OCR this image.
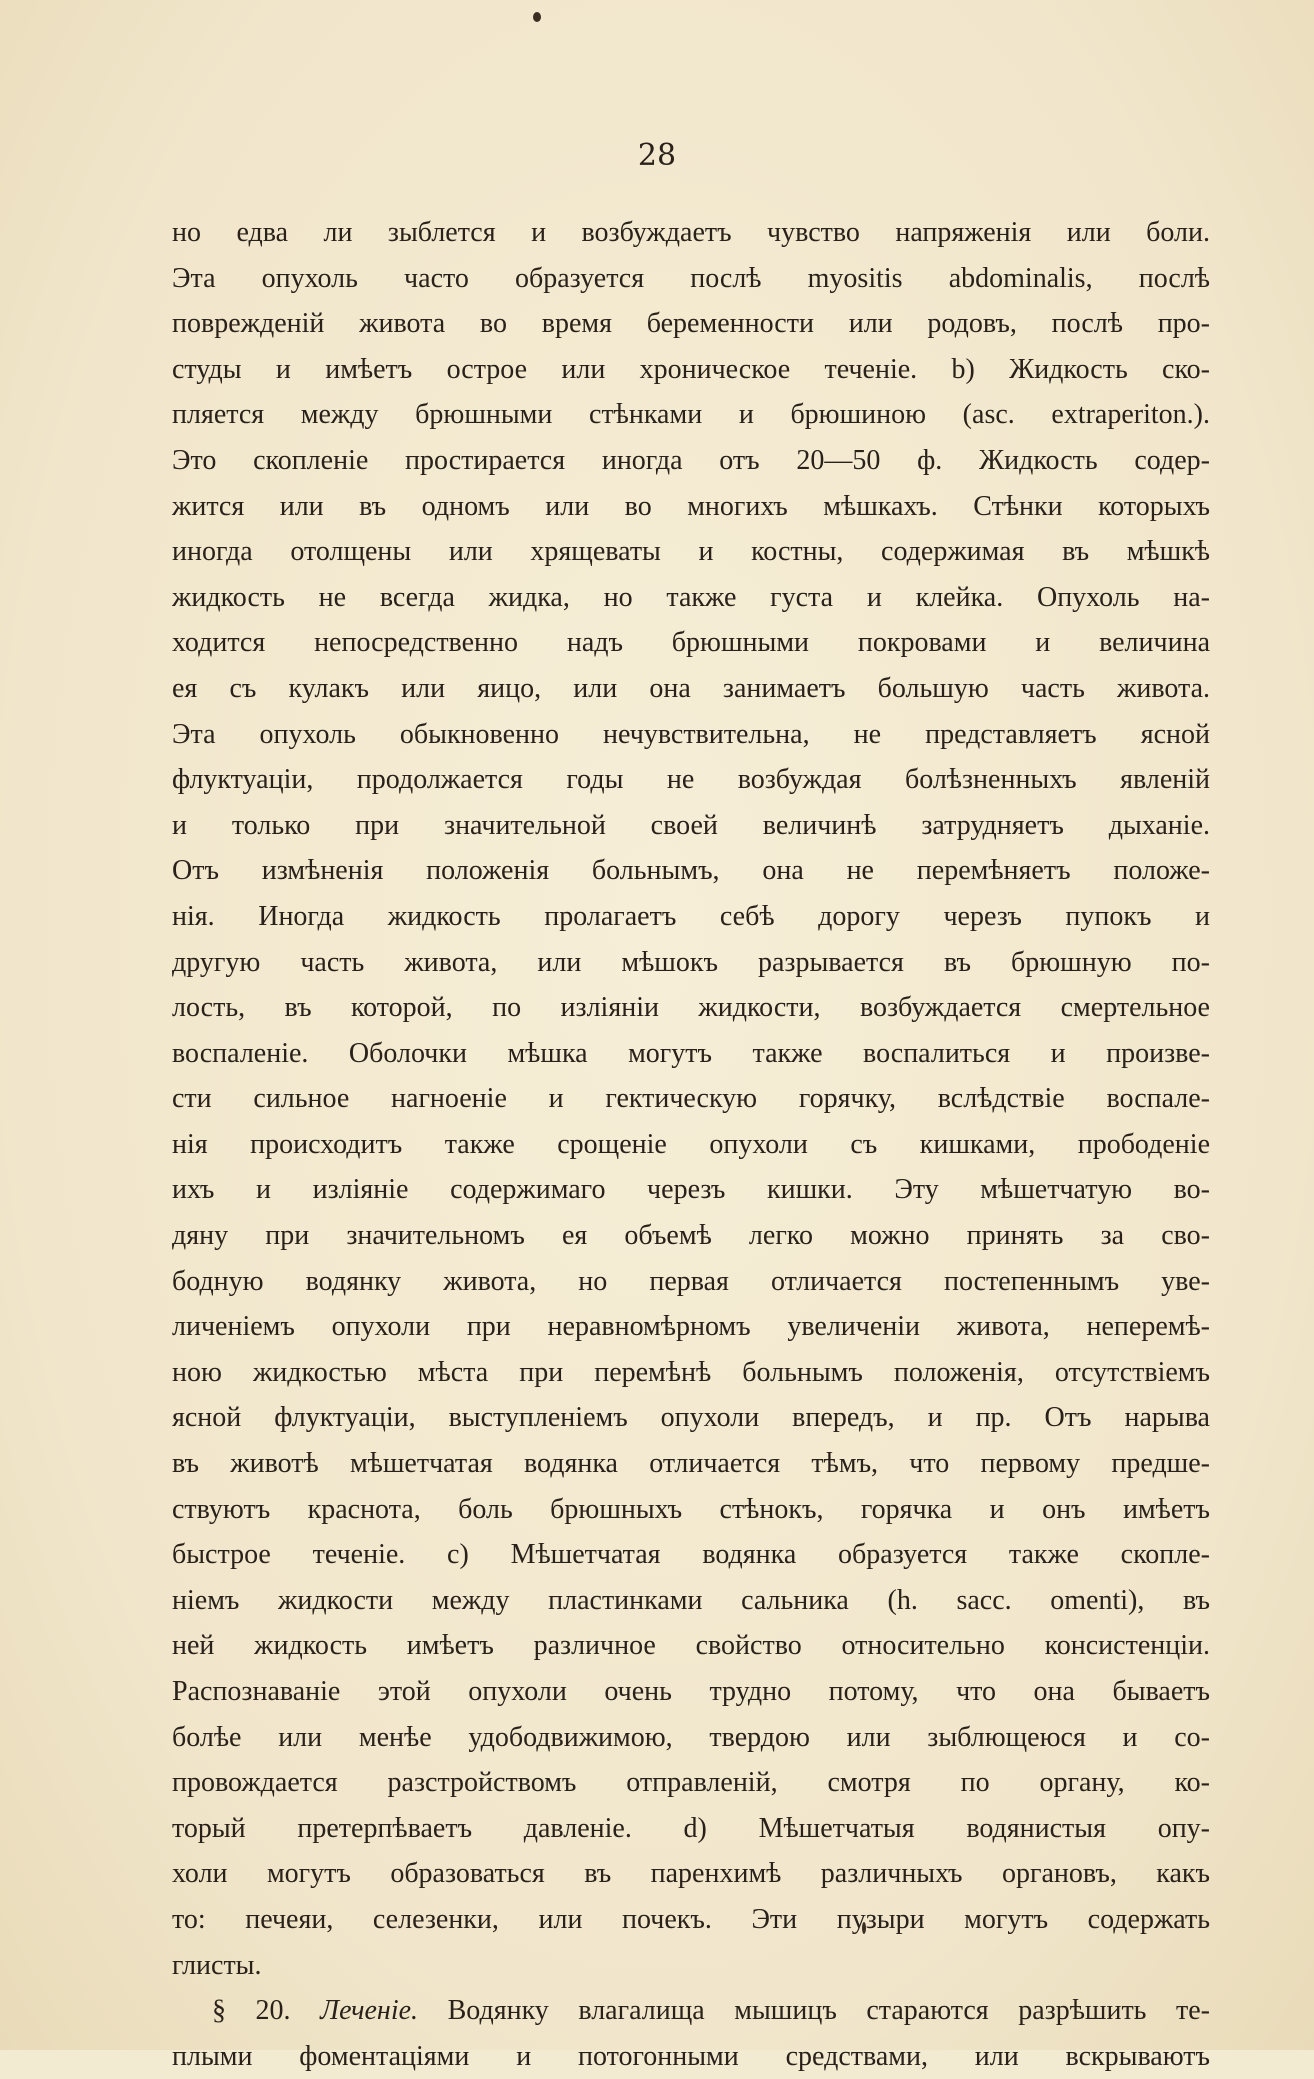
28

но едва ли зыблется и возбуждаетъ чувство напряженія или боли.
Эта опухоль часто образуется послѣ myositis abdominalis, послѣ
поврежденій живота во время беременности или родовъ, послѣ про-
студы и имѣетъ острое или хроническое теченіе. b) Жидкость ско-
пляется между брюшными стѣнками и брюшиною (asc. extraperiton.).
Это скопленіе простирается иногда отъ 20—50 ф. Жидкость содер-
жится или въ одномъ или во многихъ мѣшкахъ. Стѣнки которыхъ
иногда отолщены или хрящеваты и костны, содержимая въ мѣшкѣ
жидкость не всегда жидка, но также густа и клейка. Опухоль на-
ходится непосредственно надъ брюшными покровами и величина
ея съ кулакъ или яицо, или она занимаетъ большую часть живота.
Эта опухоль обыкновенно нечувствительна, не представляетъ ясной
флуктуаціи, продолжается годы не возбуждая болѣзненныхъ явленій
и только при значительной своей величинѣ затрудняетъ дыханіе.
Отъ измѣненія положенія больнымъ, она не перемѣняетъ положе-
нія. Иногда жидкость пролагаетъ себѣ дорогу черезъ пупокъ и
другую часть живота, или мѣшокъ разрывается въ брюшную по-
лость, въ которой, по изліяніи жидкости, возбуждается смертельное
воспаленіе. Оболочки мѣшка могутъ также воспалиться и произве-
сти сильное нагноеніе и гектическую горячку, вслѣдствіе воспале-
нія происходитъ также срощеніе опухоли съ кишками, прободеніе
ихъ и изліяніе содержимаго черезъ кишки. Эту мѣшетчатую во-
дяну при значительномъ ея объемѣ легко можно принять за сво-
бодную водянку живота, но первая отличается постепеннымъ уве-
личеніемъ опухоли при неравномѣрномъ увеличеніи живота, неперемѣ-
ною жидкостью мѣста при перемѣнѣ больнымъ положенія, отсутствіемъ
ясной флуктуаціи, выступленіемъ опухоли впередъ, и пр. Отъ нарыва
въ животѣ мѣшетчатая водянка отличается тѣмъ, что первому предше-
ствуютъ краснота, боль брюшныхъ стѣнокъ, горячка и онъ имѣетъ
быстрое теченіе. c) Мѣшетчатая водянка образуется также скопле-
ніемъ жидкости между пластинками сальника (h. sacc. omenti), въ
ней жидкость имѣетъ различное свойство относительно консистенціи.
Распознаваніе этой опухоли очень трудно потому, что она бываетъ
болѣе или менѣе удободвижимою, твердою или зыблющеюся и со-
провождается разстройствомъ отправленій, смотря по органу, ко-
торый претерпѣваетъ давленіе. d) Мѣшетчатыя водянистыя опу-
холи могутъ образоваться въ паренхимѣ различныхъ органовъ, какъ
то: печеяи, селезенки, или почекъ. Эти пузыри могутъ содержать
глисты.
§ 20. Леченіе. Водянку влагалища мышицъ стараются разрѣшить те-
плыми фоментаціями и потогонными средствами, или вскрываютъ
